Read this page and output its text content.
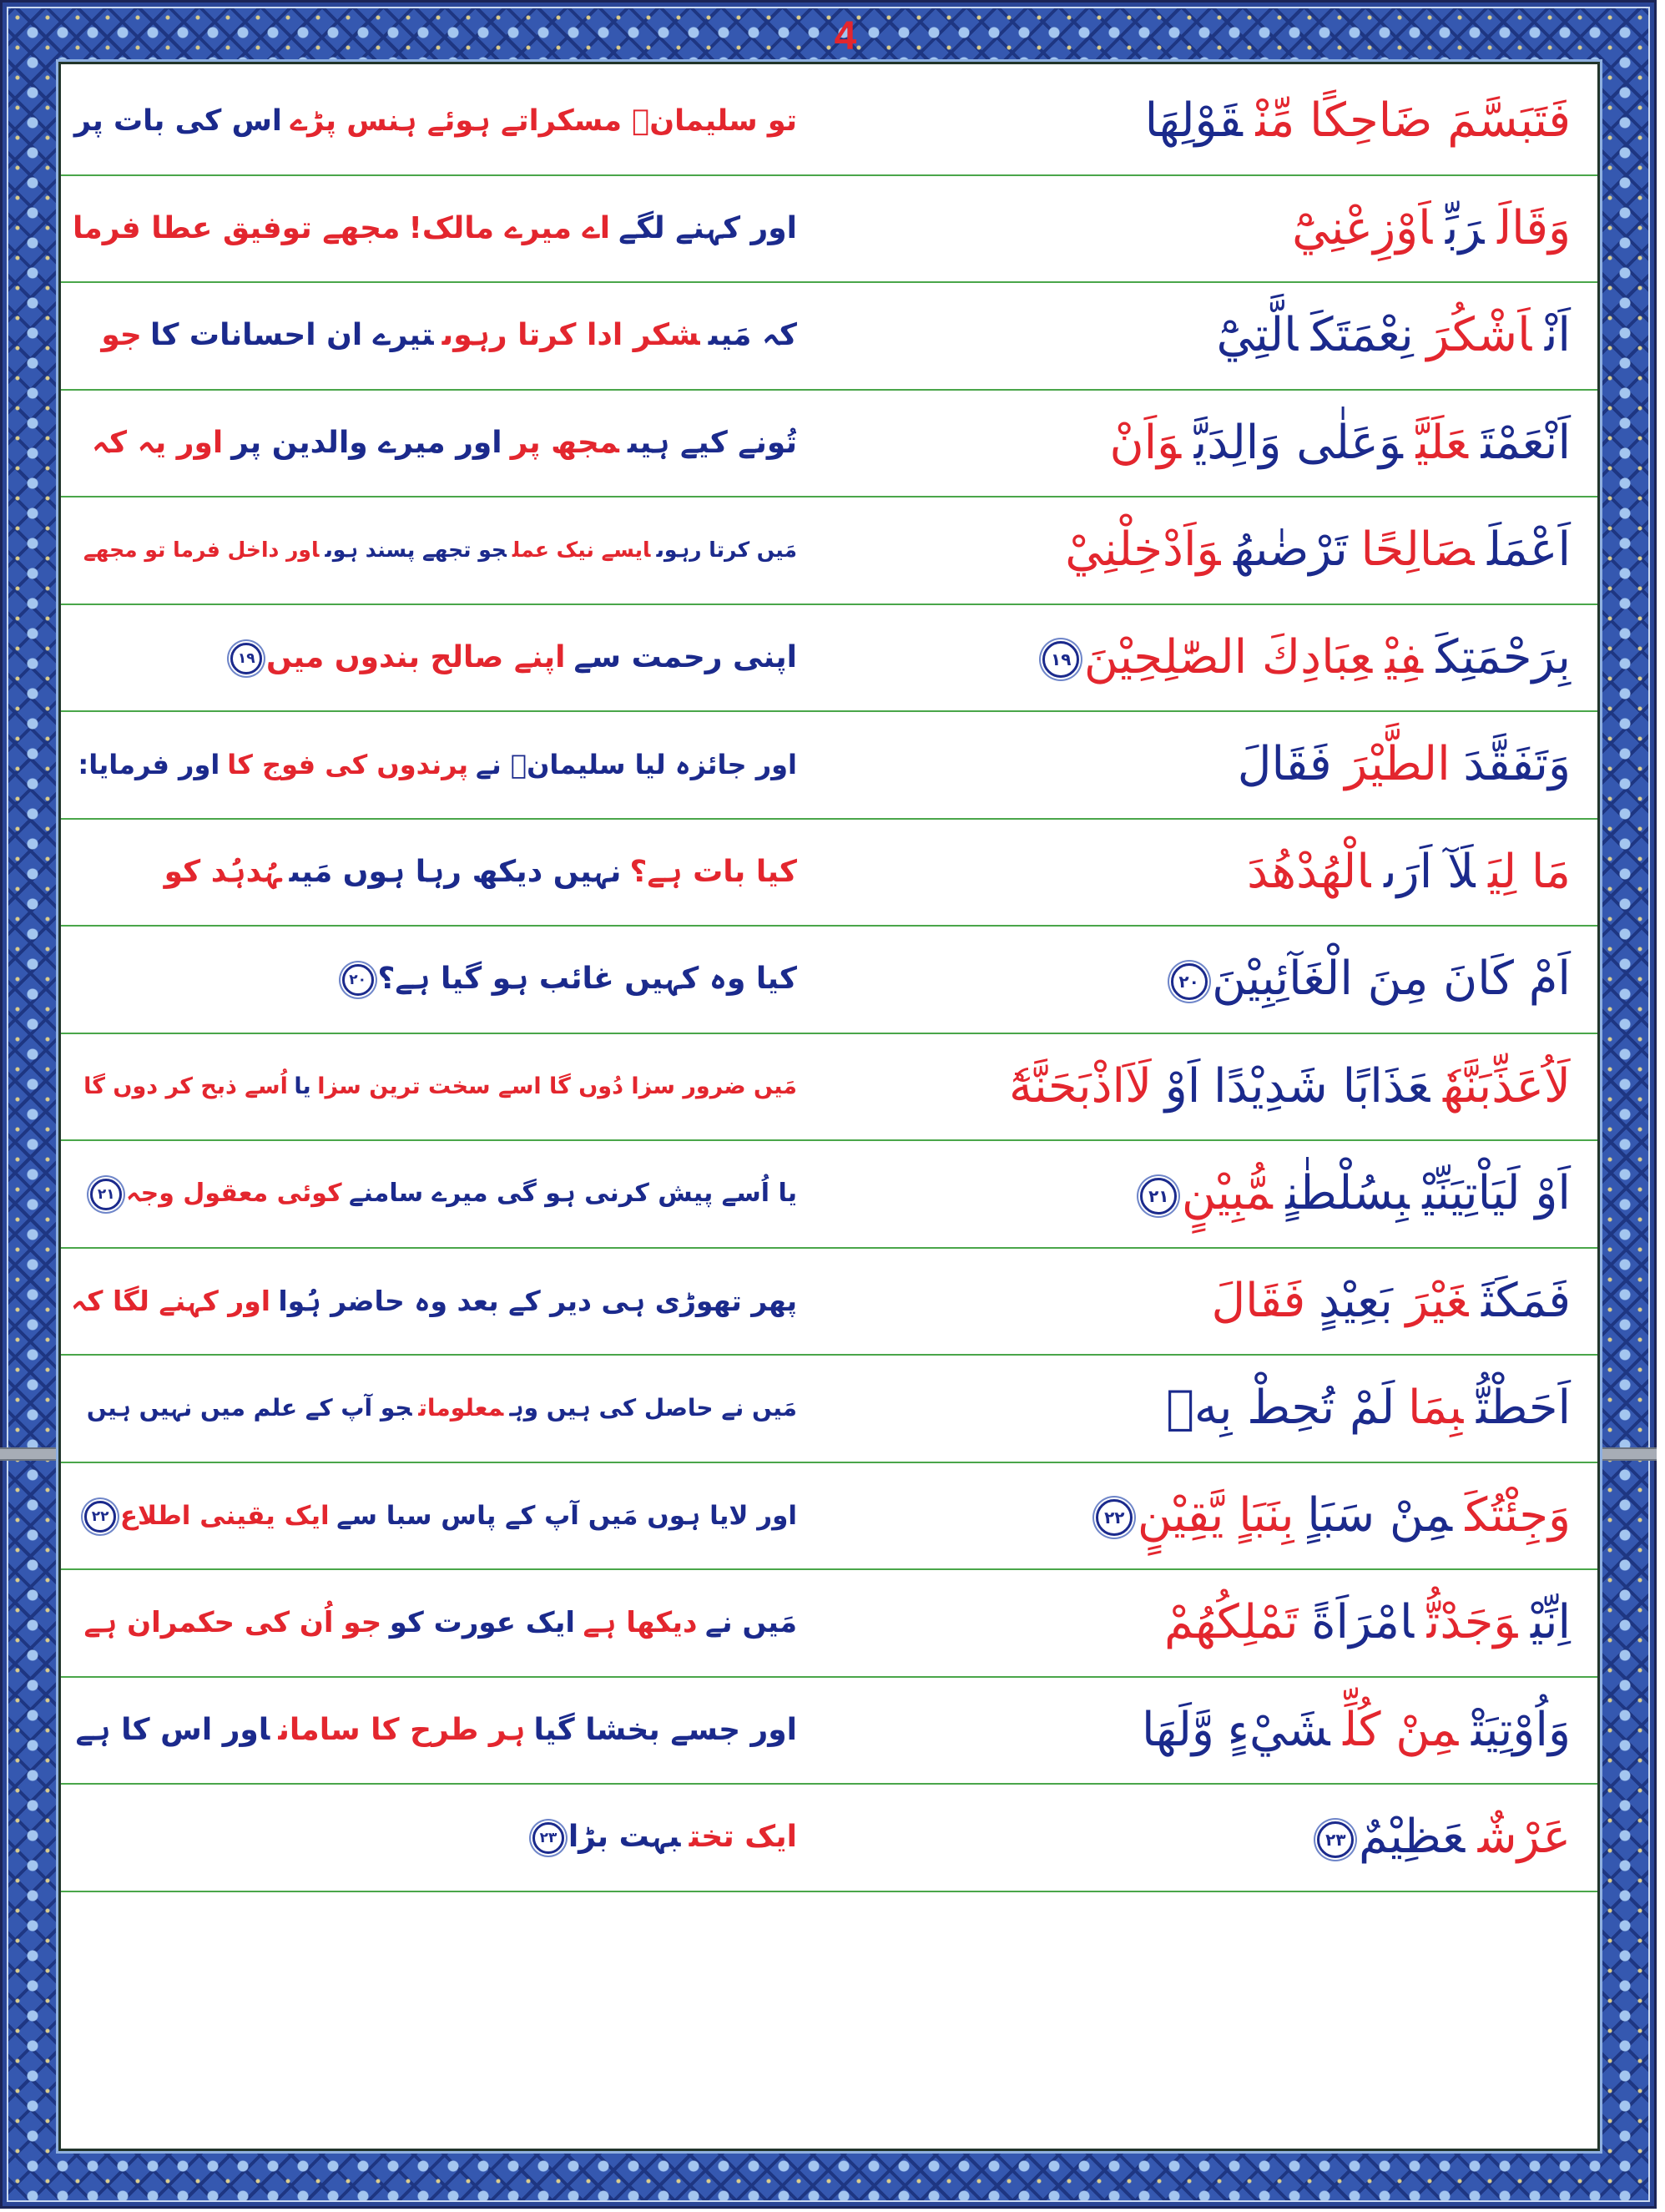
4
تو سلیمانؑ مسکراتے ہوئے ہنس پڑےاس کی بات پر	فَتَبَسَّمَ ضَاحِكًا مِّنْقَوْلِهَا
اور کہنے لگےاے میرے مالک!مجھے توفیق عطا فرما	وَقَالَرَبِّاَوْزِعْنِيْٓ
کہ مَیںشکر ادا کرتا رہوںتیرے ان احسانات کاجو	اَنْاَشْكُرَنِعْمَتَكَالَّتِيْٓ
تُونے کیے ہیںمجھ پراور میرے والدین پراور یہ کہ	اَنْعَمْتَعَلَيَّوَعَلٰى وَالِدَيَّوَاَنْ
مَیں کرتا رہوںایسے نیک عملجو تجھے پسند ہوںاور داخل فرما تو مجھے	اَعْمَلَصَالِحًاتَرْضٰىهُوَاَدْخِلْنِيْ
اپنی رحمت سےاپنے صالح بندوں میں۱۹	بِرَحْمَتِكَفِيْعِبَادِكَ الصّٰلِحِيْنَ١٩
اور جائزہ لیا سلیمانؑ نےپرندوں کی فوج کااور فرمایا:	وَتَفَقَّدَالطَّيْرَفَقَالَ
کیا بات ہے؟نہیں دیکھ رہا ہوں مَیںہُدہُد کو	مَا لِيَلَآ اَرَىالْهُدْهُدَ
کیا وہ کہیں غائب ہو گیا ہے؟۲۰	اَمْ كَانَ مِنَ الْغَآئِبِيْنَ٢٠
مَیں ضرور سزا دُوں گا اسے سخت ترین سزایااُسے ذبح کر دوں گا	لَاُعَذِّبَنَّهٗعَذَابًا شَدِيْدًااَوْلَاَاذْبَحَنَّهٗٓ
یا اُسے پیش کرنی ہو گی میرے سامنےکوئی معقول وجہ۲۱	اَوْ لَيَاْتِيَنِّيْبِسُلْطٰنٍمُّبِيْنٍ٢١
پھر تھوڑی ہی دیر کے بعد وہ حاضر ہُوااور کہنے لگا کہ	فَمَكَثَغَيْرَبَعِيْدٍفَقَالَ
مَیں نے حاصل کی ہیں وہمعلوماتجو آپ کے علم میں نہیں ہیں	اَحَطْتُّبِمَالَمْ تُحِطْ بِهٖ
اور لایا ہوں مَیں آپ کے پاس سبا سےایک یقینی اطلاع۲۲	وَجِئْتُكَمِنْ سَبَاٍبِنَبَاٍ يَّقِيْنٍ٢٢
مَیں نےدیکھا ہےایک عورت کوجو اُن کی حکمران ہے	اِنِّيْوَجَدْتُّامْرَاَةًتَمْلِكُهُمْ
اور جسے بخشا گیاہر طرح کا ساماناور اس کا ہے	وَاُوْتِيَتْمِنْ كُلِّشَيْءٍوَّلَهَا
ایک تختبہت بڑا۲۳	عَرْشٌعَظِيْمٌ٢٣
